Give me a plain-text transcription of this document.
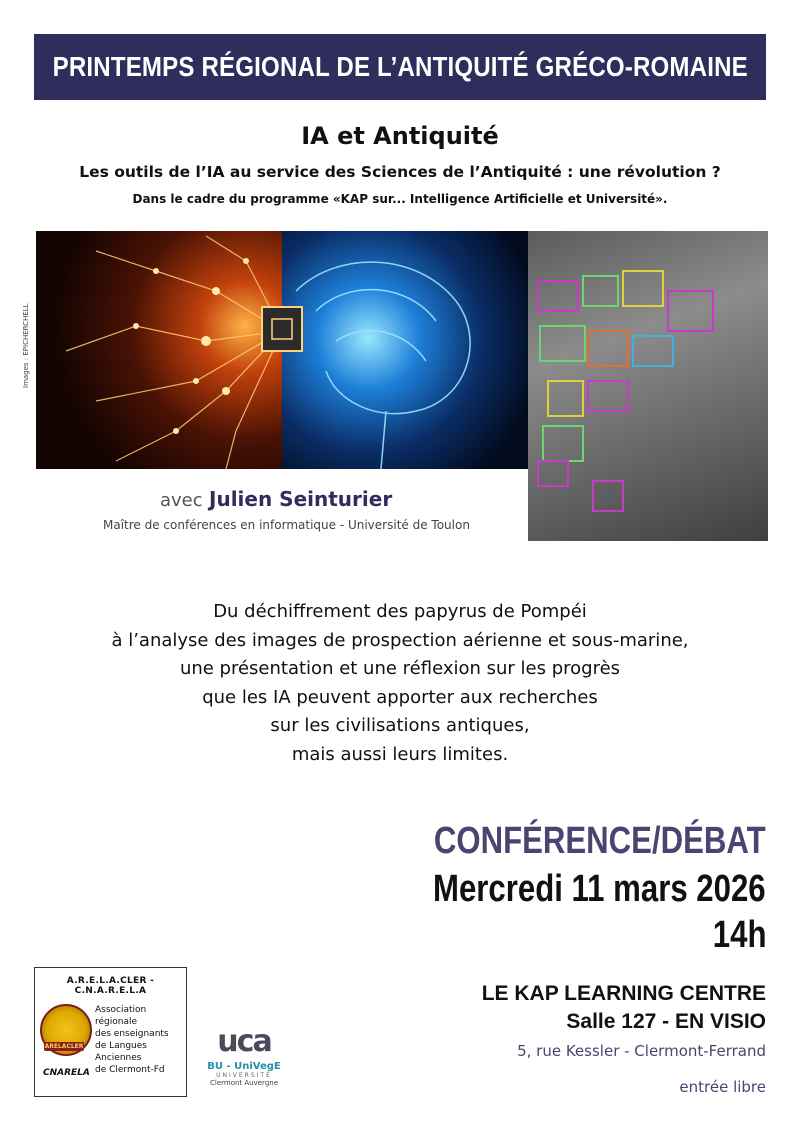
PRINTEMPS RÉGIONAL DE L’ANTIQUITÉ GRÉCO-ROMAINE
IA et Antiquité
Les outils de l’IA au service des Sciences de l’Antiquité : une révolution ?
Dans le cadre du programme «KAP sur... Intelligence Artificielle et Université».
Images : EPICHERCHELL
avec Julien Seinturier
Maître de conférences en informatique - Université de Toulon
Du déchiffrement des papyrus de Pompéi
à l’analyse des images de prospection aérienne et sous-marine,
une présentation et une réflexion sur les progrès
que les IA peuvent apporter aux recherches
sur les civilisations antiques,
mais aussi leurs limites.
CONFÉRENCE/DÉBAT
Mercredi 11 mars 2026
14h
LE KAP LEARNING CENTRE
Salle 127 - EN VISIO
5, rue Kessler - Clermont-Ferrand
entrée libre
A.R.E.L.A.CLER - C.N.A.R.E.L.A
ARELACLER
Association régionale
des enseignants
de Langues Anciennes
de Clermont-Fd
CNARELA
uca
BU - UniVegE
UNIVERSITÉ
Clermont Auvergne
